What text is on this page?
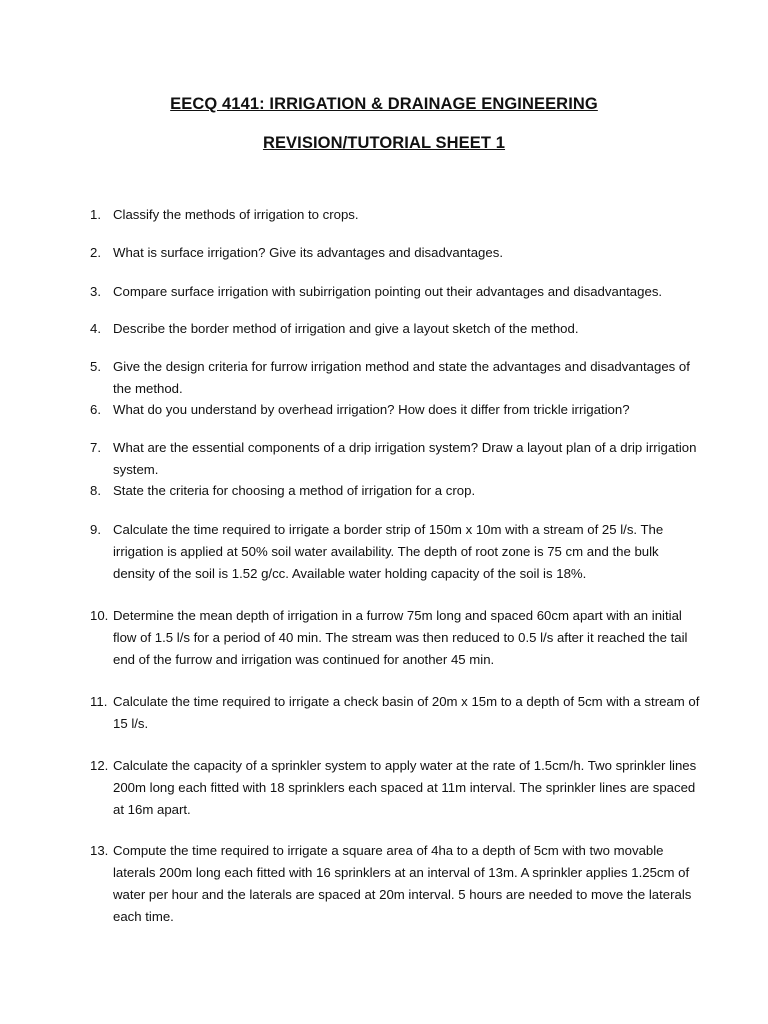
EECQ 4141: IRRIGATION & DRAINAGE ENGINEERING
REVISION/TUTORIAL SHEET 1
1. Classify the methods of irrigation to crops.
2. What is surface irrigation? Give its advantages and disadvantages.
3. Compare surface irrigation with subirrigation pointing out their advantages and disadvantages.
4. Describe the border method of irrigation and give a layout sketch of the method.
5. Give the design criteria for furrow irrigation method and state the advantages and disadvantages of the method.
6. What do you understand by overhead irrigation? How does it differ from trickle irrigation?
7. What are the essential components of a drip irrigation system? Draw a layout plan of a drip irrigation system.
8. State the criteria for choosing a method of irrigation for a crop.
9. Calculate the time required to irrigate a border strip of 150m x 10m with a stream of 25 l/s. The irrigation is applied at 50% soil water availability. The depth of root zone is 75 cm and the bulk density of the soil is 1.52 g/cc. Available water holding capacity of the soil is 18%.
10. Determine the mean depth of irrigation in a furrow 75m long and spaced 60cm apart with an initial flow of 1.5 l/s for a period of 40 min. The stream was then reduced to 0.5 l/s after it reached the tail end of the furrow and irrigation was continued for another 45 min.
11. Calculate the time required to irrigate a check basin of 20m x 15m to a depth of 5cm with a stream of 15 l/s.
12. Calculate the capacity of a sprinkler system to apply water at the rate of 1.5cm/h. Two sprinkler lines 200m long each fitted with 18 sprinklers each spaced at 11m interval. The sprinkler lines are spaced at 16m apart.
13. Compute the time required to irrigate a square area of 4ha to a depth of 5cm with two movable laterals 200m long each fitted with 16 sprinklers at an interval of 13m. A sprinkler applies 1.25cm of water per hour and the laterals are spaced at 20m interval. 5 hours are needed to move the laterals each time.
